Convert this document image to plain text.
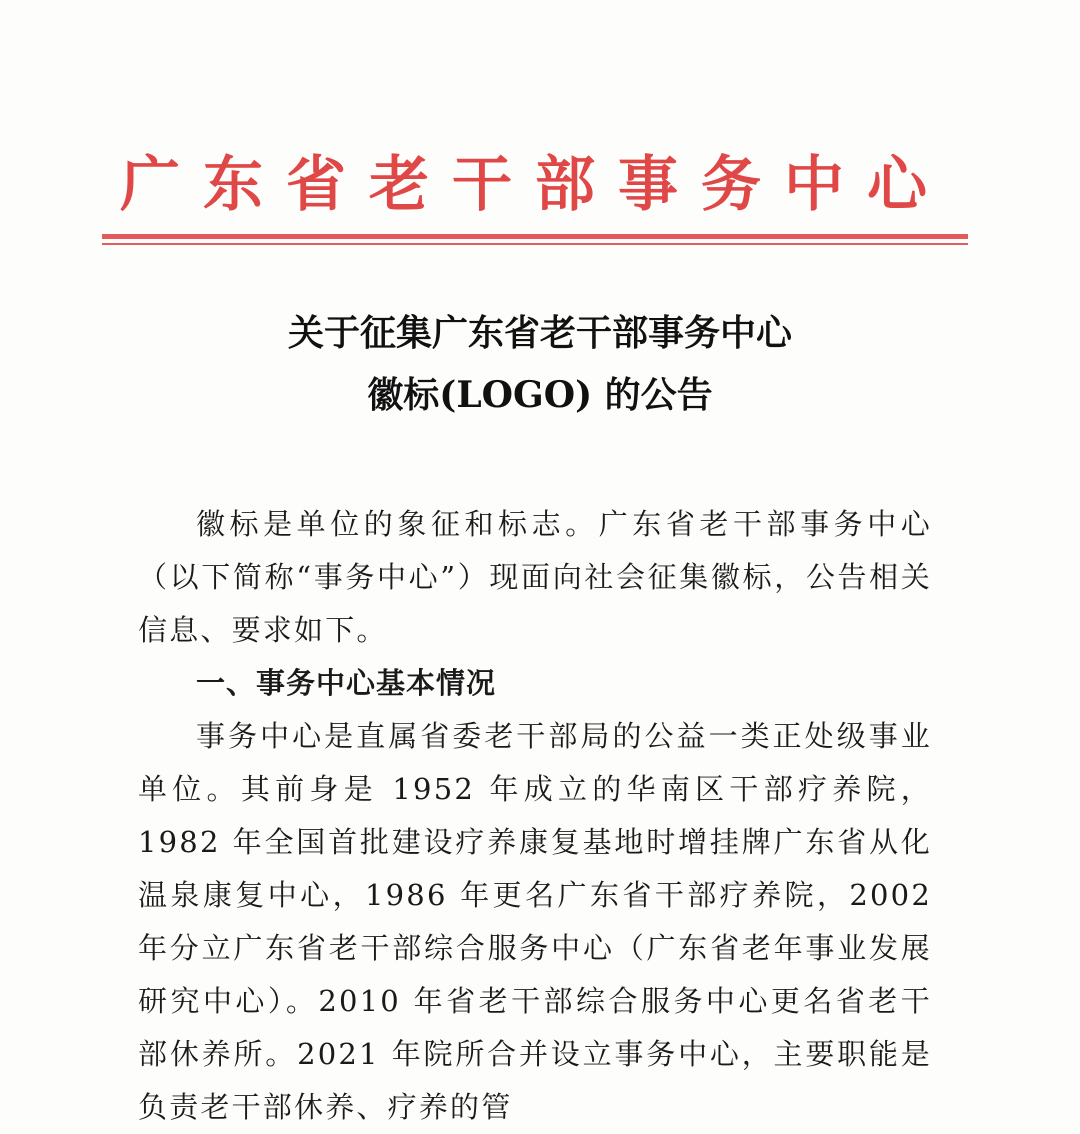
广东省老干部事务中心
关于征集广东省老干部事务中心
徽标(LOGO) 的公告

徽标是单位的象征和标志。广东省老干部事务中心（以下简称“事务中心”）现面向社会征集徽标，公告相关信息、要求如下。

一、事务中心基本情况

事务中心是直属省委老干部局的公益一类正处级事业单位。其前身是 1952 年成立的华南区干部疗养院，1982 年全国首批建设疗养康复基地时增挂牌广东省从化温泉康复中心，1986 年更名广东省干部疗养院，2002 年分立广东省老干部综合服务中心（广东省老年事业发展研究中心）。2010 年省老干部综合服务中心更名省老干部休养所。2021 年院所合并设立事务中心，主要职能是负责老干部休养、疗养的管
